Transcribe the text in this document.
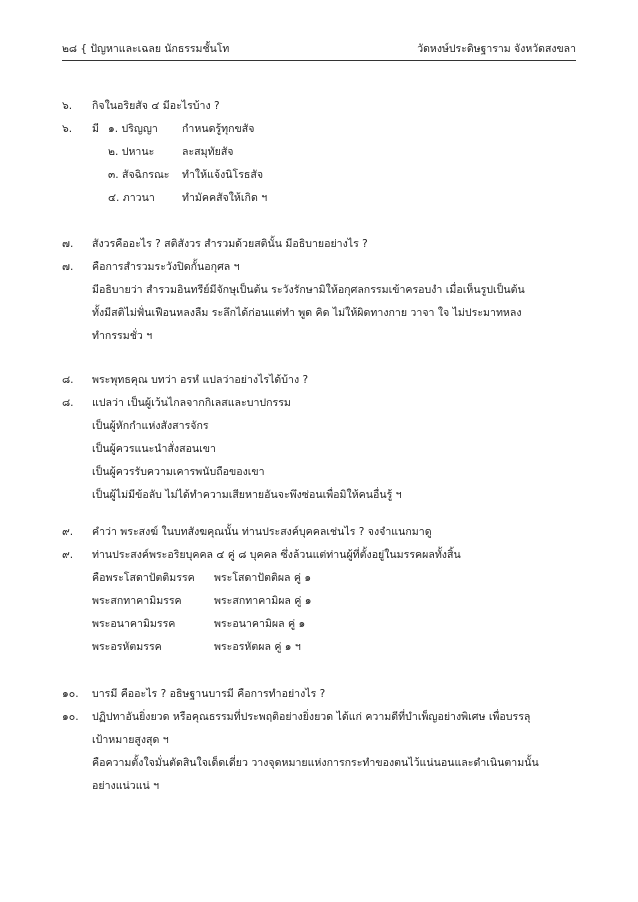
๒๘ { ปัญหาและเฉลย นักธรรมชั้นโท	วัดหงษ์ประดิษฐาราม จังหวัดสงขลา
๖. กิจในอริยสัจ ๔ มีอะไรบ้าง ?
๖. มี ๑. ปริญญา กำหนดรู้ทุกขสัจ
๒. ปหานะ	ละสมุทัยสัจ
๓. สัจฉิกรณะ ทำให้แจ้งนิโรธสัจ
๔. ภาวนา	ทำมัคคสัจให้เกิด ฯ
๗. สังวรคืออะไร ? สติสังวร สำรวมด้วยสตินั้น มีอธิบายอย่างไร ?
๗. คือการสำรวมระวังปิดกั้นอกุศล ฯ
มีอธิบายว่า สำรวมอินทรีย์มีจักษุเป็นต้น ระวังรักษามิให้อกุศลกรรมเข้าครอบงำ เมื่อเห็นรูปเป็นต้น
ทั้งมีสติไม่ฟั่นเฟือนหลงลืม ระลึกได้ก่อนแต่ทำ พูด คิด ไม่ให้ผิดทางกาย วาจา ใจ ไม่ประมาทหลง
ทำกรรมชั่ว ฯ
๘. พระพุทธคุณ บทว่า อรหํ แปลว่าอย่างไรได้บ้าง ?
๘. แปลว่า เป็นผู้เว้นไกลจากกิเลสและบาปกรรม
เป็นผู้หักกำแห่งสังสารจักร
เป็นผู้ควรแนะนำสั่งสอนเขา
เป็นผู้ควรรับความเคารพนับถือของเขา
เป็นผู้ไม่มีข้อลับ ไม่ได้ทำความเสียหายอันจะพึงซ่อนเพื่อมิให้คนอื่นรู้ ฯ
๙. คำว่า พระสงฆ์ ในบทสังฆคุณนั้น ท่านประสงค์บุคคลเช่นไร ? จงจำแนกมาดู
๙. ท่านประสงค์พระอริยบุคคล ๔ คู่ ๘ บุคคล ซึ่งล้วนแต่ท่านผู้ที่ตั้งอยู่ในมรรคผลทั้งสิ้น
คือพระโสดาปัตติมรรค พระโสดาปัตติผล คู่ ๑
พระสกทาคามิมรรค	พระสกทาคามิผล คู่ ๑
พระอนาคามิมรรค	พระอนาคามิผล คู่ ๑
พระอรหัตมรรค	พระอรหัตผล คู่ ๑ ฯ
๑๐. บารมี คืออะไร ? อธิษฐานบารมี คือการทำอย่างไร ?
๑๐. ปฏิปทาอันยิ่งยวด หรือคุณธรรมที่ประพฤติอย่างยิ่งยวด ได้แก่ ความดีที่บำเพ็ญอย่างพิเศษ เพื่อบรรลุ
เป้าหมายสูงสุด ฯ
คือความตั้งใจมั่นตัดสินใจเด็ดเดี่ยว วางจุดหมายแห่งการกระทำของตนไว้แน่นอนและดำเนินตามนั้น
อย่างแน่วแน่ ฯ
